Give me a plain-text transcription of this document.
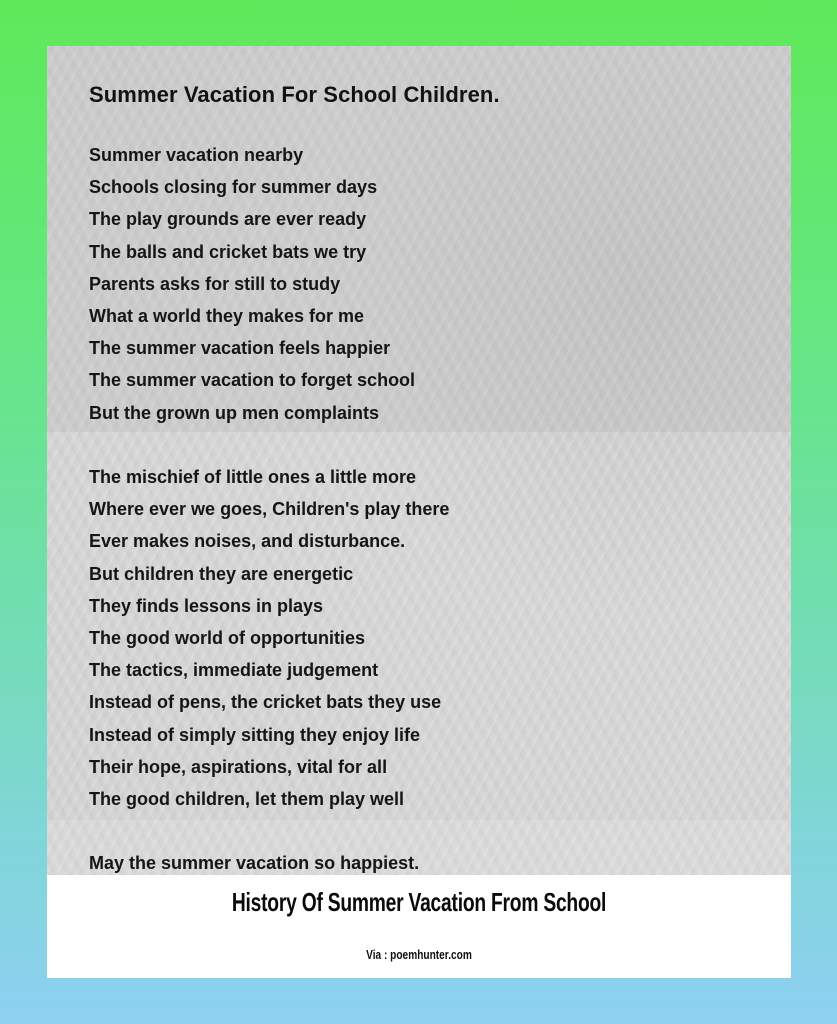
Summer Vacation For School Children.
Summer vacation nearby
Schools closing for summer days
The play grounds are ever ready
The balls and cricket bats we try
Parents asks for still to study
What a world they makes for me
The summer vacation feels happier
The summer vacation to forget school
But the grown up men complaints
The mischief of little ones a little more
Where ever we goes, Children's play there
Ever makes noises, and disturbance.
But children they are energetic
They finds lessons in plays
The good world of opportunities
The tactics, immediate judgement
Instead of pens, the cricket bats they use
Instead of simply sitting they enjoy life
Their hope, aspirations, vital for all
The good children, let them play well
May the summer vacation so happiest.
History Of Summer Vacation From School
Via : poemhunter.com
